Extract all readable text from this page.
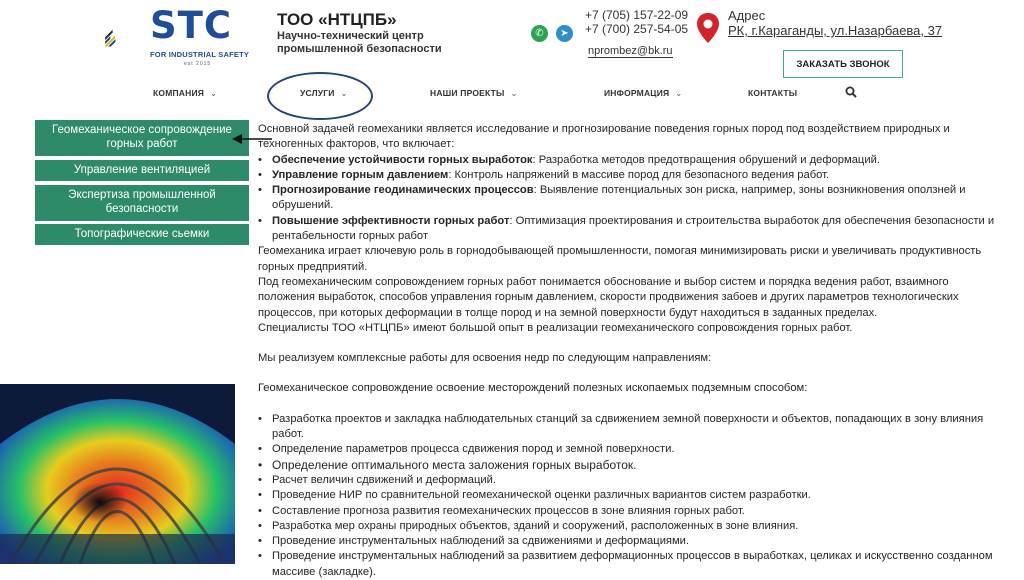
STC
FOR INDUSTRIAL SAFETY
est 2015
ТОО «НТЦПБ»
Научно-технический центр
промышленной безопасности
✆	➤
+7 (705) 157-22-09
+7 (700) 257-54-05
nprombez@bk.ru
Адрес
РК, г.Караганды, ул.Назарбаева, 37
ЗАКАЗАТЬ ЗВОНОК
КОМПАНИЯ ⌄	УСЛУГИ ⌄	НАШИ ПРОЕКТЫ ⌄	ИНФОРМАЦИЯ ⌄	КОНТАКТЫ
Геомеханическое сопровождение горных работ
Управление вентиляцией
Экспертиза промышленной безопасности
Топографические сьемки

Основной задачей геомеханики является исследование и прогнозирование поведения горных пород под воздействием природных и техногенных факторов, что включает:

• Обеспечение устойчивости горных выработок: Разработка методов предотвращения обрушений и деформаций.
• Управление горным давлением: Контроль напряжений в массиве пород для безопасного ведения работ.
• Прогнозирование геодинамических процессов: Выявление потенциальных зон риска, например, зоны возникновения оползней и обрушений.
• Повышение эффективности горных работ: Оптимизация проектирования и строительства выработок для обеспечения безопасности и рентабельности горных работ

Геомеханика играет ключевую роль в горнодобывающей промышленности, помогая минимизировать риски и увеличивать продуктивность горных предприятий.

Под геомеханическим сопровождением горных работ понимается обоснование и выбор систем и порядка ведения работ, взаимного положения выработок, способов управления горным давлением, скорости продвижения забоев и других параметров технологических процессов, при которых деформации в толще пород и на земной поверхности будут находиться в заданных пределах.

Специалисты ТОО «НТЦПБ» имеют большой опыт в реализации геомеханического сопровождения горных работ.

Мы реализуем комплексные работы для освоения недр по следующим направлениям:

Геомеханическое сопровождение освоение месторождений полезных ископаемых подземным способом:

• Разработка проектов и закладка наблюдательных станций за сдвижением земной поверхности и объектов, попадающих в зону влияния работ.
• Определение параметров процесса сдвижения пород и земной поверхности.
• Определение оптимального места заложения горных выработок.
• Расчет величин сдвижений и деформаций.
• Проведение НИР по сравнительной геомеханической оценки различных вариантов систем разработки.
• Составление прогноза развития геомеханических процессов в зоне влияния горных работ.
• Разработка мер охраны природных объектов, зданий и сооружений, расположенных в зоне влияния.
• Проведение инструментальных наблюдений за сдвижениями и деформациями.
• Проведение инструментальных наблюдений за развитием деформационных процессов в выработках, целиках и искусственно созданном массиве (закладке).
